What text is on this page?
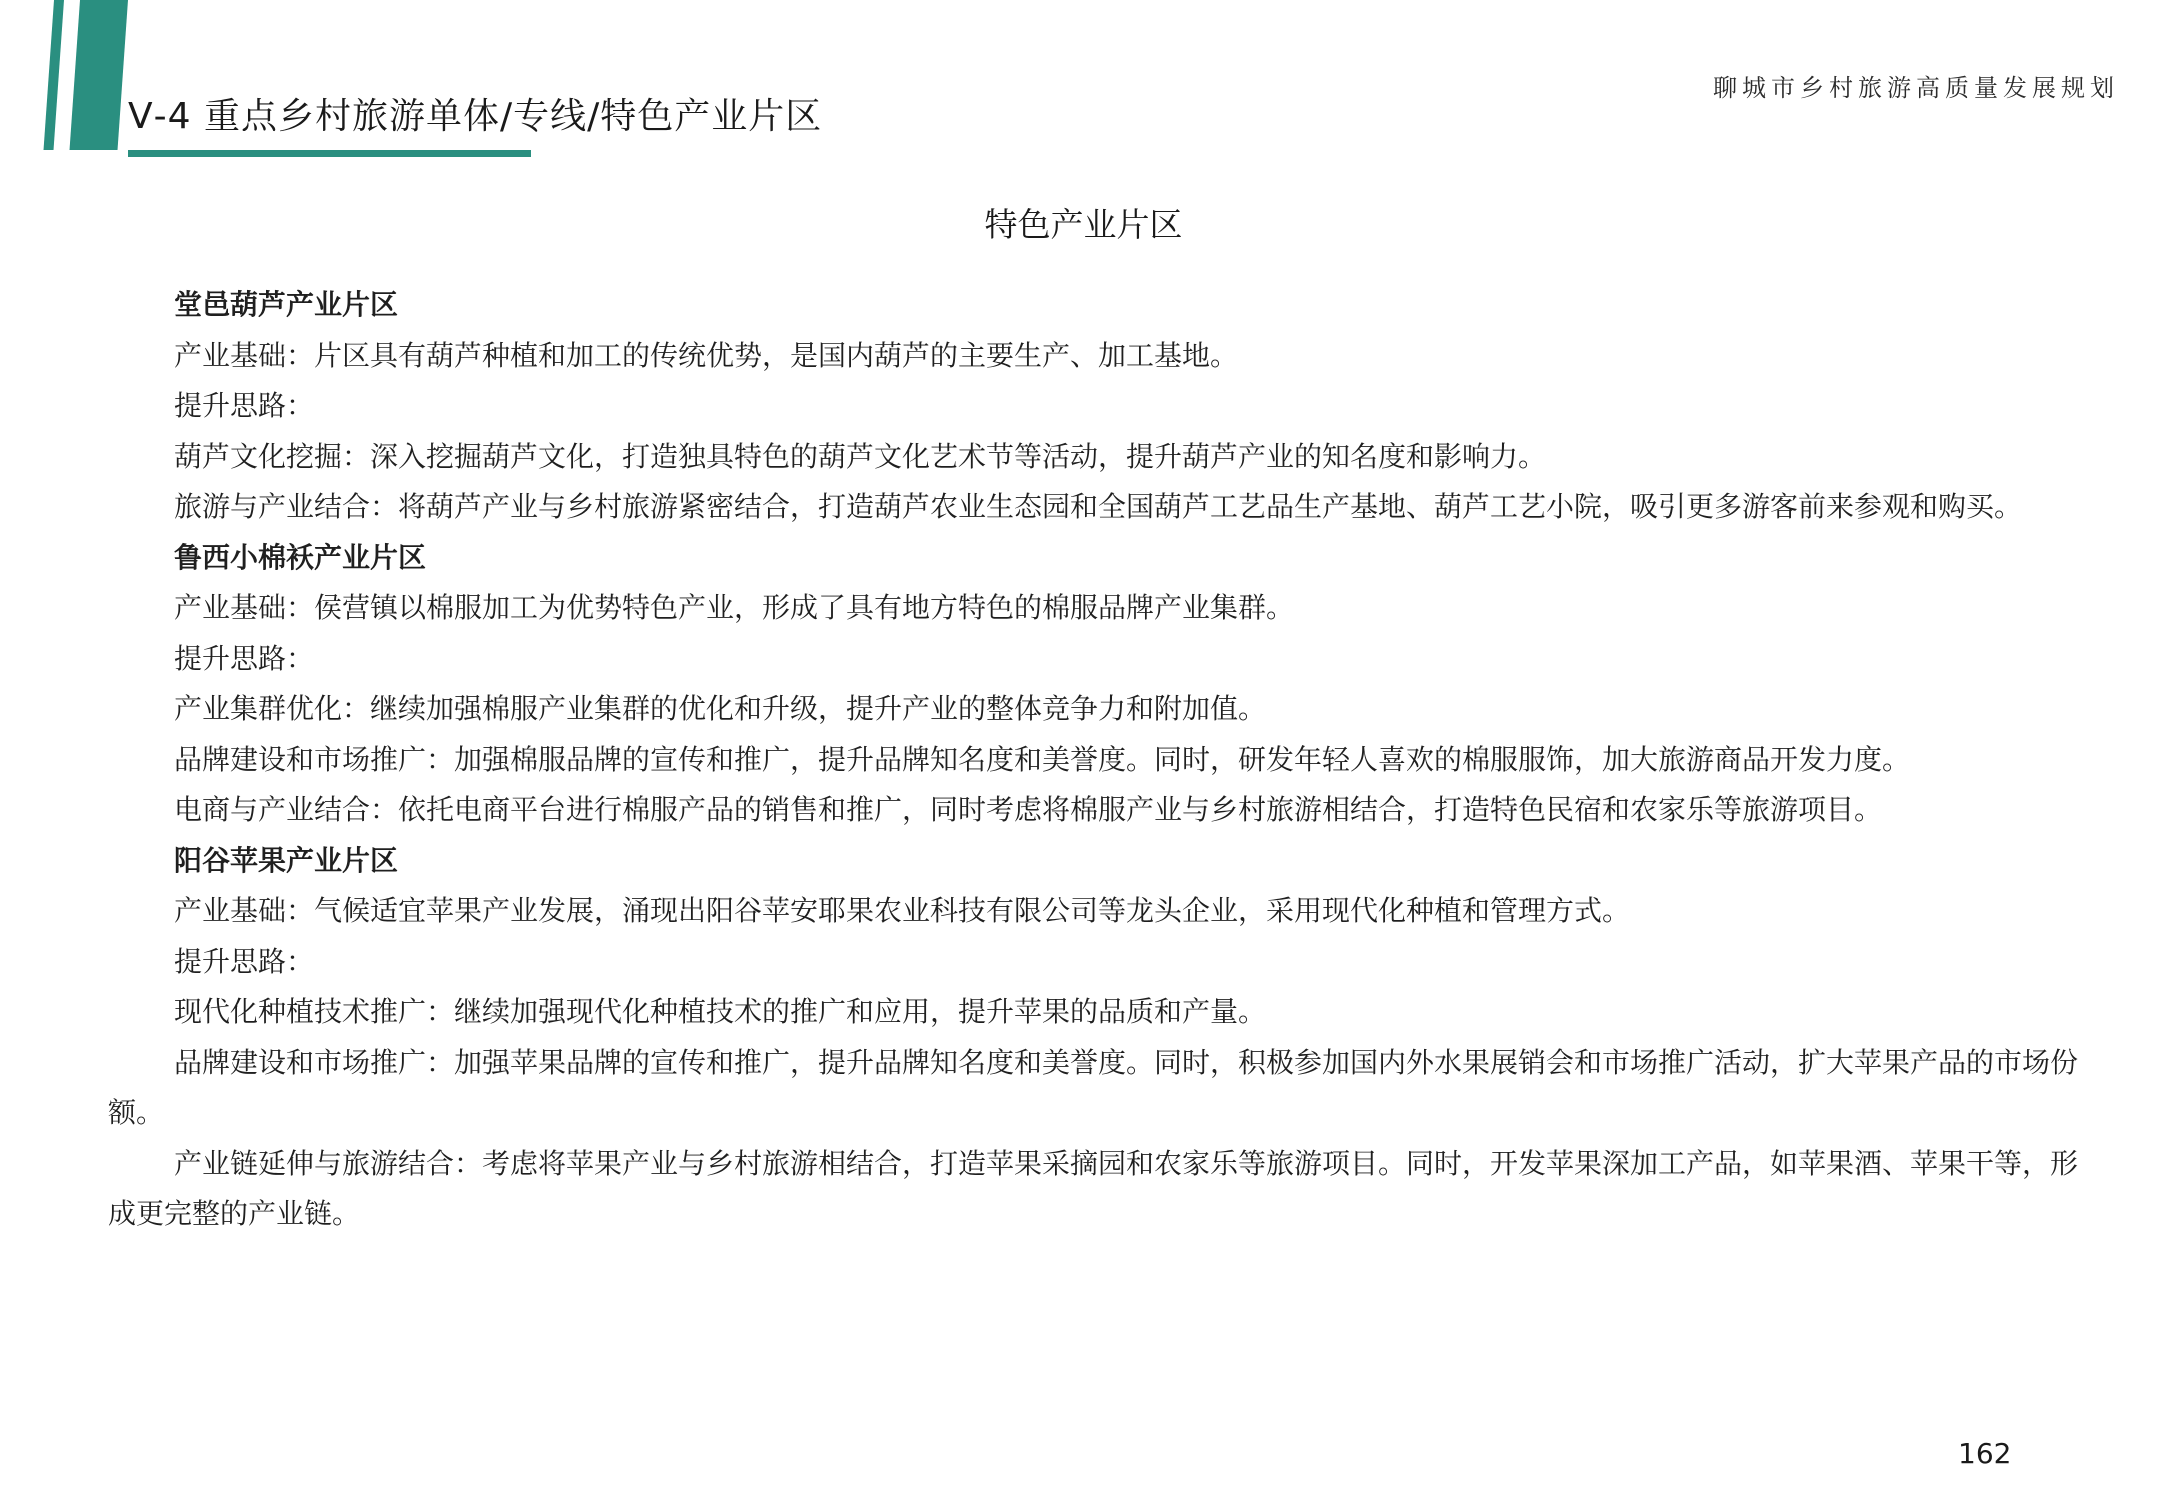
Ⅴ-4 重点乡村旅游单体/专线/特色产业片区
聊城市乡村旅游高质量发展规划
特色产业片区

堂邑葫芦产业片区

产业基础：片区具有葫芦种植和加工的传统优势，是国内葫芦的主要生产、加工基地。

提升思路：

葫芦文化挖掘：深入挖掘葫芦文化，打造独具特色的葫芦文化艺术节等活动，提升葫芦产业的知名度和影响力。

旅游与产业结合：将葫芦产业与乡村旅游紧密结合，打造葫芦农业生态园和全国葫芦工艺品生产基地、葫芦工艺小院，吸引更多游客前来参观和购买。

鲁西小棉袄产业片区

产业基础：侯营镇以棉服加工为优势特色产业，形成了具有地方特色的棉服品牌产业集群。

提升思路：

产业集群优化：继续加强棉服产业集群的优化和升级，提升产业的整体竞争力和附加值。

品牌建设和市场推广：加强棉服品牌的宣传和推广，提升品牌知名度和美誉度。同时，研发年轻人喜欢的棉服服饰，加大旅游商品开发力度。

电商与产业结合：依托电商平台进行棉服产品的销售和推广，同时考虑将棉服产业与乡村旅游相结合，打造特色民宿和农家乐等旅游项目。

阳谷苹果产业片区

产业基础：气候适宜苹果产业发展，涌现出阳谷苹安耶果农业科技有限公司等龙头企业，采用现代化种植和管理方式。

提升思路：

现代化种植技术推广：继续加强现代化种植技术的推广和应用，提升苹果的品质和产量。

品牌建设和市场推广：加强苹果品牌的宣传和推广，提升品牌知名度和美誉度。同时，积极参加国内外水果展销会和市场推广活动，扩大苹果产品的市场份额。

产业链延伸与旅游结合：考虑将苹果产业与乡村旅游相结合，打造苹果采摘园和农家乐等旅游项目。同时，开发苹果深加工产品，如苹果酒、苹果干等，形成更完整的产业链。

162
